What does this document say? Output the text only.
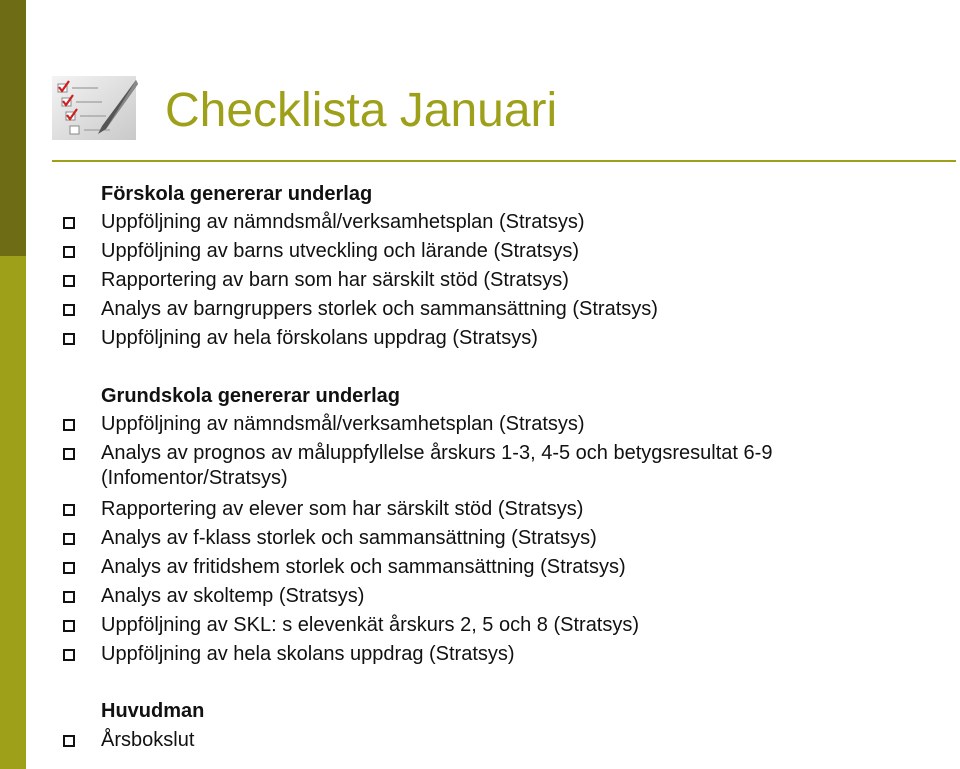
Checklista Januari
Förskola genererar underlag
Uppföljning av nämndsmål/verksamhetsplan (Stratsys)
Uppföljning av barns utveckling och lärande (Stratsys)
Rapportering av barn som har särskilt stöd (Stratsys)
Analys av barngruppers storlek och sammansättning (Stratsys)
Uppföljning av hela förskolans uppdrag (Stratsys)
Grundskola genererar underlag
Uppföljning av nämndsmål/verksamhetsplan (Stratsys)
Analys av prognos av måluppfyllelse årskurs 1-3, 4-5 och betygsresultat 6-9 (Infomentor/Stratsys)
Rapportering av elever som har särskilt stöd (Stratsys)
Analys av f-klass storlek och sammansättning (Stratsys)
Analys av fritidshem storlek och sammansättning (Stratsys)
Analys av skoltemp (Stratsys)
Uppföljning av SKL: s elevenkät årskurs 2, 5 och 8 (Stratsys)
Uppföljning av hela skolans uppdrag (Stratsys)
Huvudman
Årsbokslut
